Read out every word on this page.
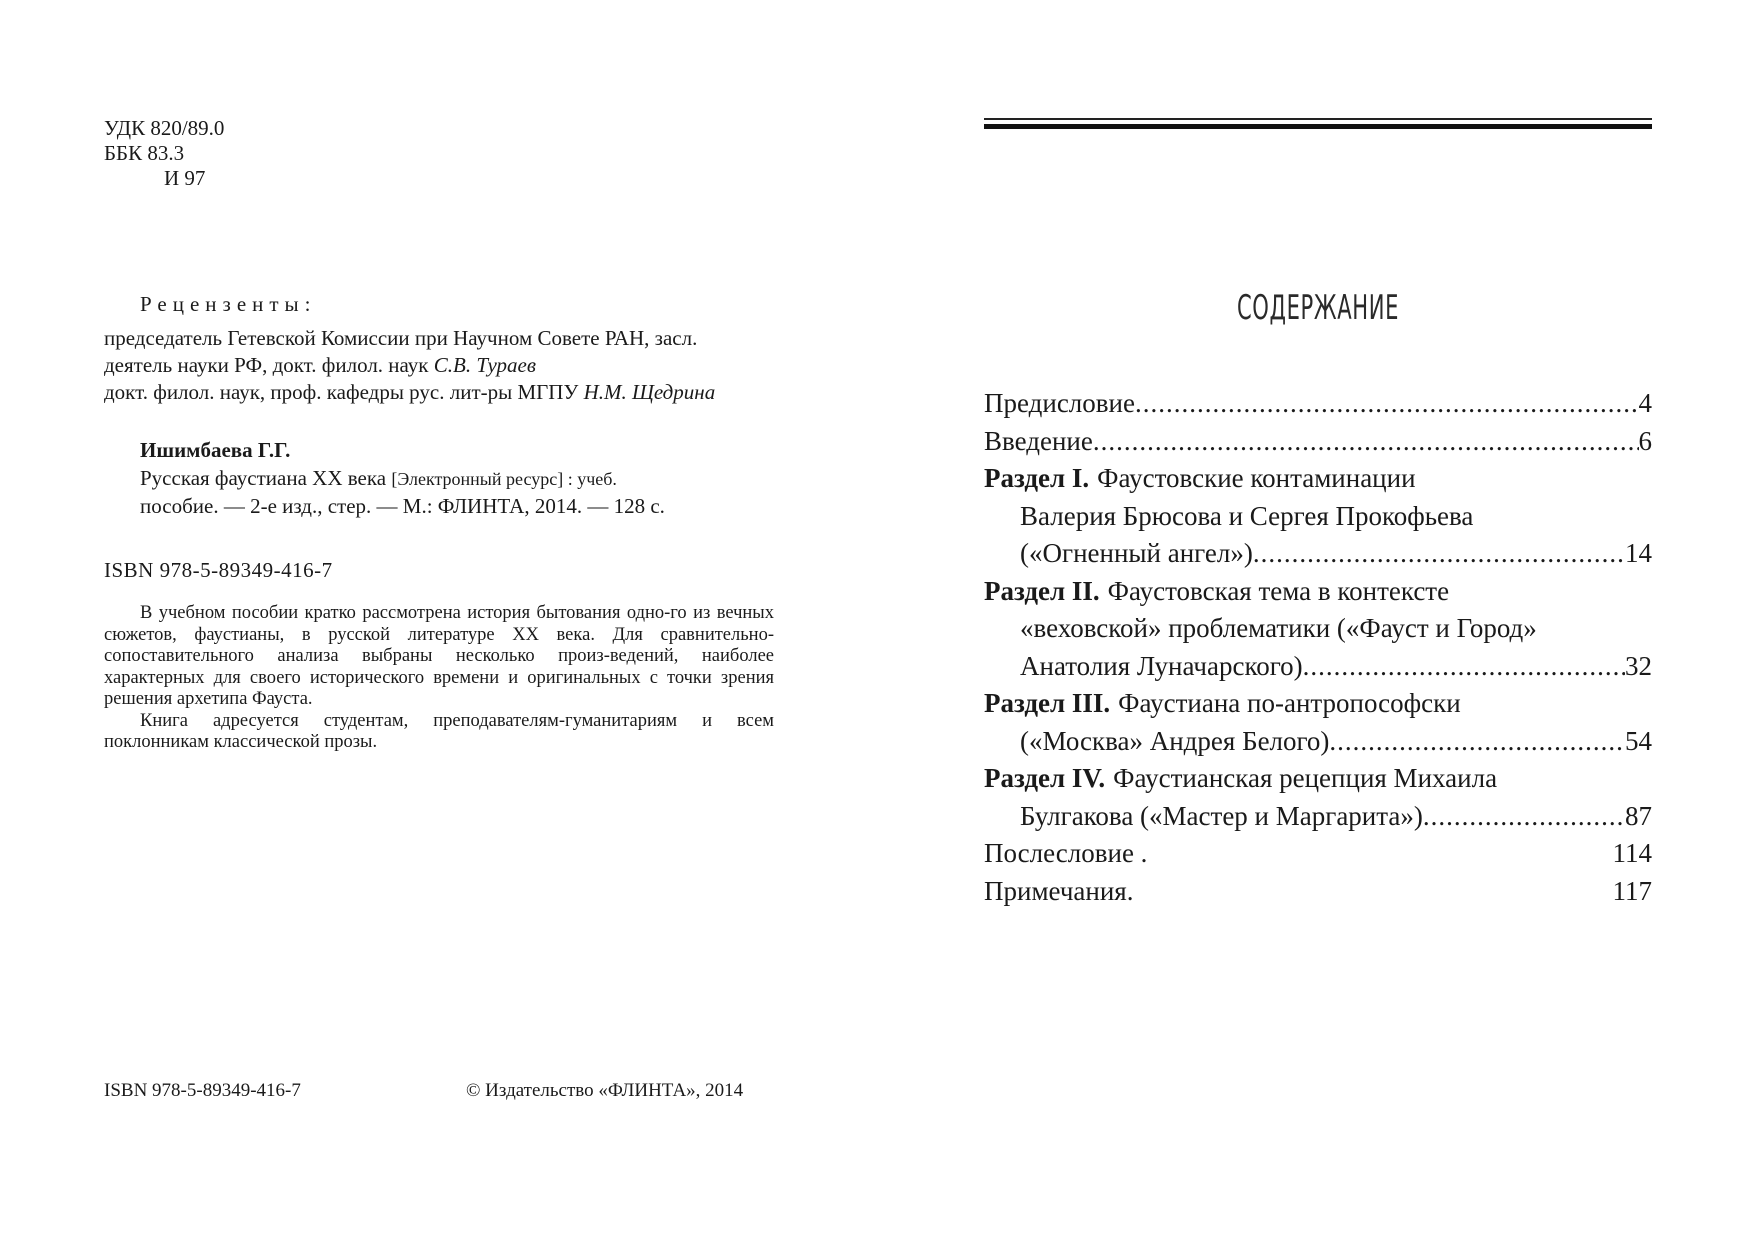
УДК 820/89.0
ББК 83.3
И 97
Рецензенты:
председатель Гетевской Комиссии при Научном Совете РАН, засл.
деятель науки РФ, докт. филол. наук С.В. Тураев
докт. филол. наук, проф. кафедры рус. лит-ры МГПУ Н.М. Щедрина
Ишимбаева Г.Г.
Русская фаустиана ХХ века [Электронный ресурс] : учеб.
пособие. — 2-е изд., стер. — М.: ФЛИНТА, 2014. — 128 с.
ISBN 978-5-89349-416-7

В учебном пособии кратко рассмотрена история бытования одно-го из вечных сюжетов, фаустианы, в русской литературе ХХ века. Для сравнительно-сопоставительного анализа выбраны несколько произ-ведений, наиболее характерных для своего исторического времени и оригинальных с точки зрения решения архетипа Фауста.

Книга адресуется студентам, преподавателям-гуманитариям и всем поклонникам классической прозы.

ISBN 978-5-89349-416-7	© Издательство «ФЛИНТА», 2014
СОДЕРЖАНИЕ
Предисловие .....	4
Введение .....	6
Раздел I. Фаустовские контаминации
Валерия Брюсова и Сергея Прокофьева
(«Огненный ангел») .....	14
Раздел II. Фаустовская тема в контексте
«веховской» проблематики («Фауст и Город»
Анатолия Луначарского) .....	32
Раздел III. Фаустиана по-антропософски
(«Москва» Андрея Белого) .....	54
Раздел IV. Фаустианская рецепция Михаила
Булгакова («Мастер и Маргарита») .....	87
Послесловие .	114
Примечания.	117
